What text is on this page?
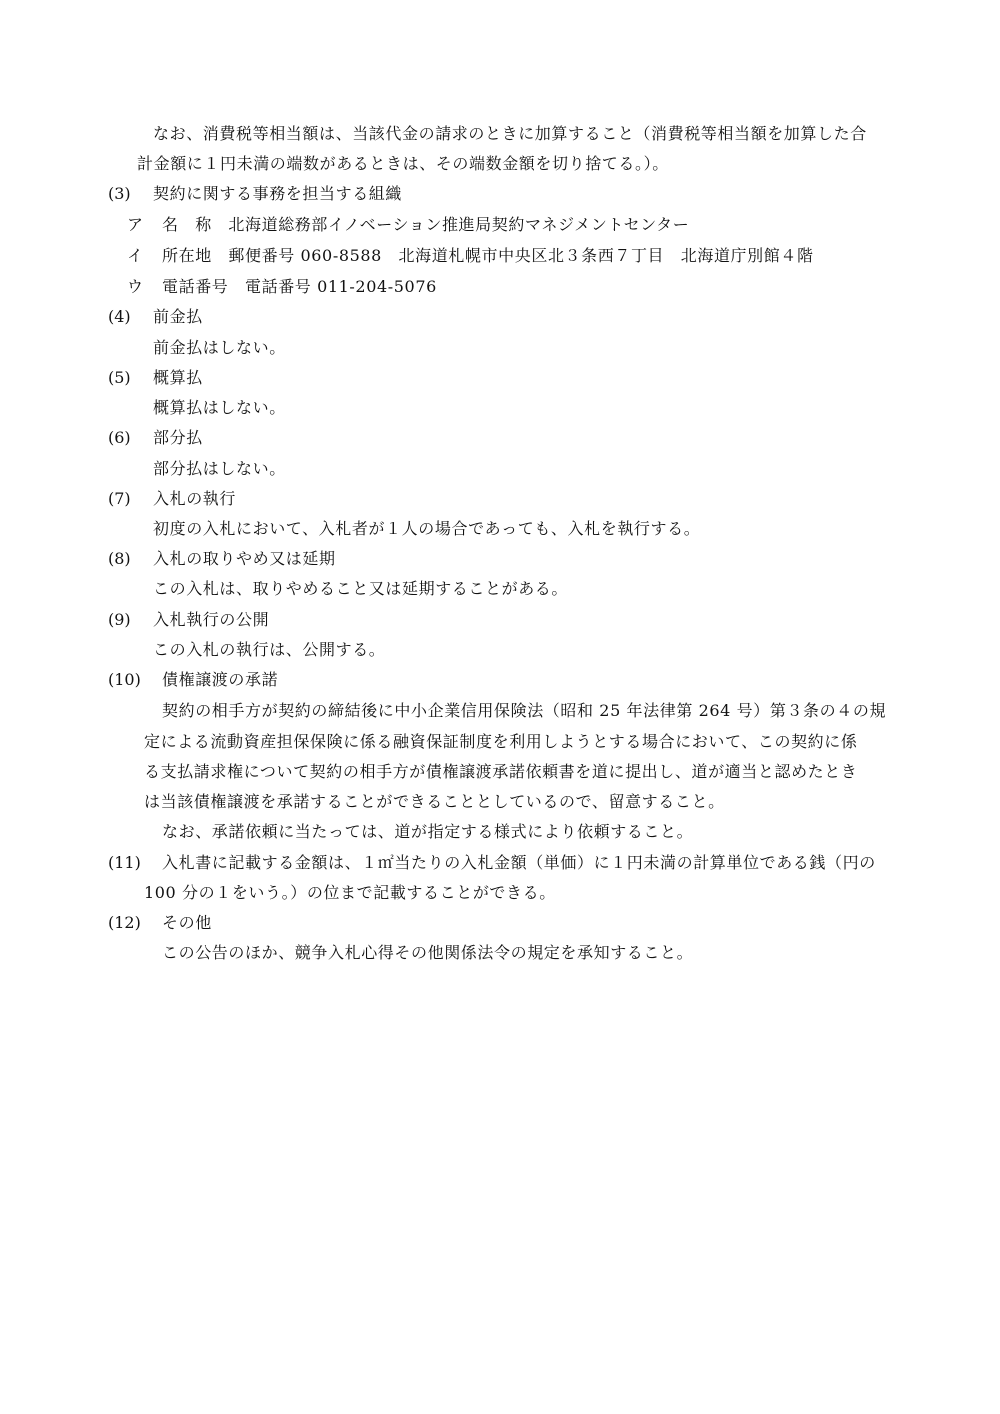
なお、消費税等相当額は、当該代金の請求のときに加算すること（消費税等相当額を加算した合
計金額に１円未満の端数があるときは、その端数金額を切り捨てる。）。
(3) 契約に関する事務を担当する組織
ア 名　称　北海道総務部イノベーション推進局契約マネジメントセンター
イ 所在地　郵便番号 060-8588　北海道札幌市中央区北３条西７丁目　北海道庁別館４階
ウ 電話番号　電話番号 011-204-5076
(4) 前金払
前金払はしない。
(5) 概算払
概算払はしない。
(6) 部分払
部分払はしない。
(7) 入札の執行
初度の入札において、入札者が１人の場合であっても、入札を執行する。
(8) 入札の取りやめ又は延期
この入札は、取りやめること又は延期することがある。
(9) 入札執行の公開
この入札の執行は、公開する。
(10) 債権譲渡の承諾
契約の相手方が契約の締結後に中小企業信用保険法（昭和 25 年法律第 264 号）第３条の４の規
定による流動資産担保保険に係る融資保証制度を利用しようとする場合において、この契約に係
る支払請求権について契約の相手方が債権譲渡承諾依頼書を道に提出し、道が適当と認めたとき
は当該債権譲渡を承諾することができることとしているので、留意すること。
なお、承諾依頼に当たっては、道が指定する様式により依頼すること。
(11) 入札書に記載する金額は、１㎡当たりの入札金額（単価）に１円未満の計算単位である銭（円の
100 分の１をいう。）の位まで記載することができる。
(12) その他
この公告のほか、競争入札心得その他関係法令の規定を承知すること。
